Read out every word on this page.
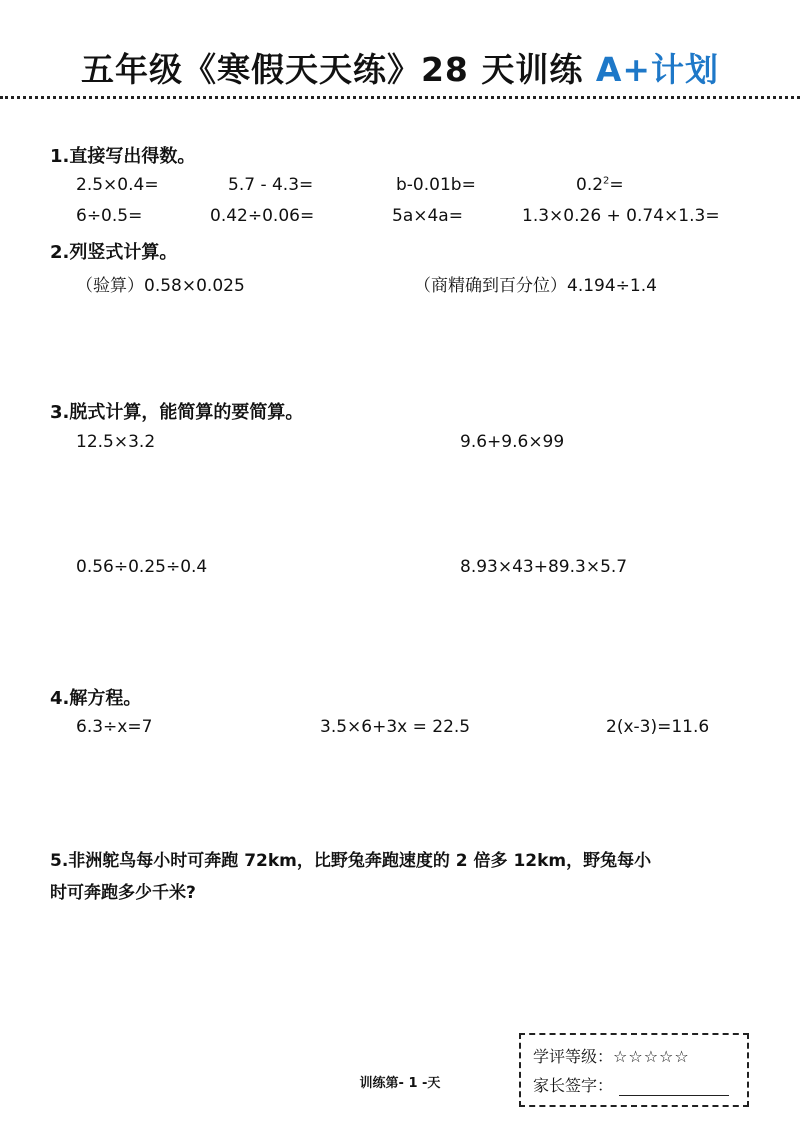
五年级《寒假天天练》28 天训练 A+计划
1.直接写出得数。
2.5×0.4=	5.7 - 4.3=	b-0.01b=	$0.2^2=$
6÷0.5=	0.42÷0.06=	5a×4a=	1.3×0.26 + 0.74×1.3=
2.列竖式计算。
（验算）0.58×0.025	（商精确到百分位）4.194÷1.4
3.脱式计算，能简算的要简算。
12.5×3.2	9.6+9.6×99
0.56÷0.25÷0.4	8.93×43+89.3×5.7
4.解方程。
6.3÷x=7	3.5×6+3x = 22.5	2(x-3)=11.6
5.非洲鸵鸟每小时可奔跑 72km，比野兔奔跑速度的 2 倍多 12km，野兔每小
时可奔跑多少千米?
训练第- 1 -天
学评等级：☆☆☆☆☆
家长签字：
